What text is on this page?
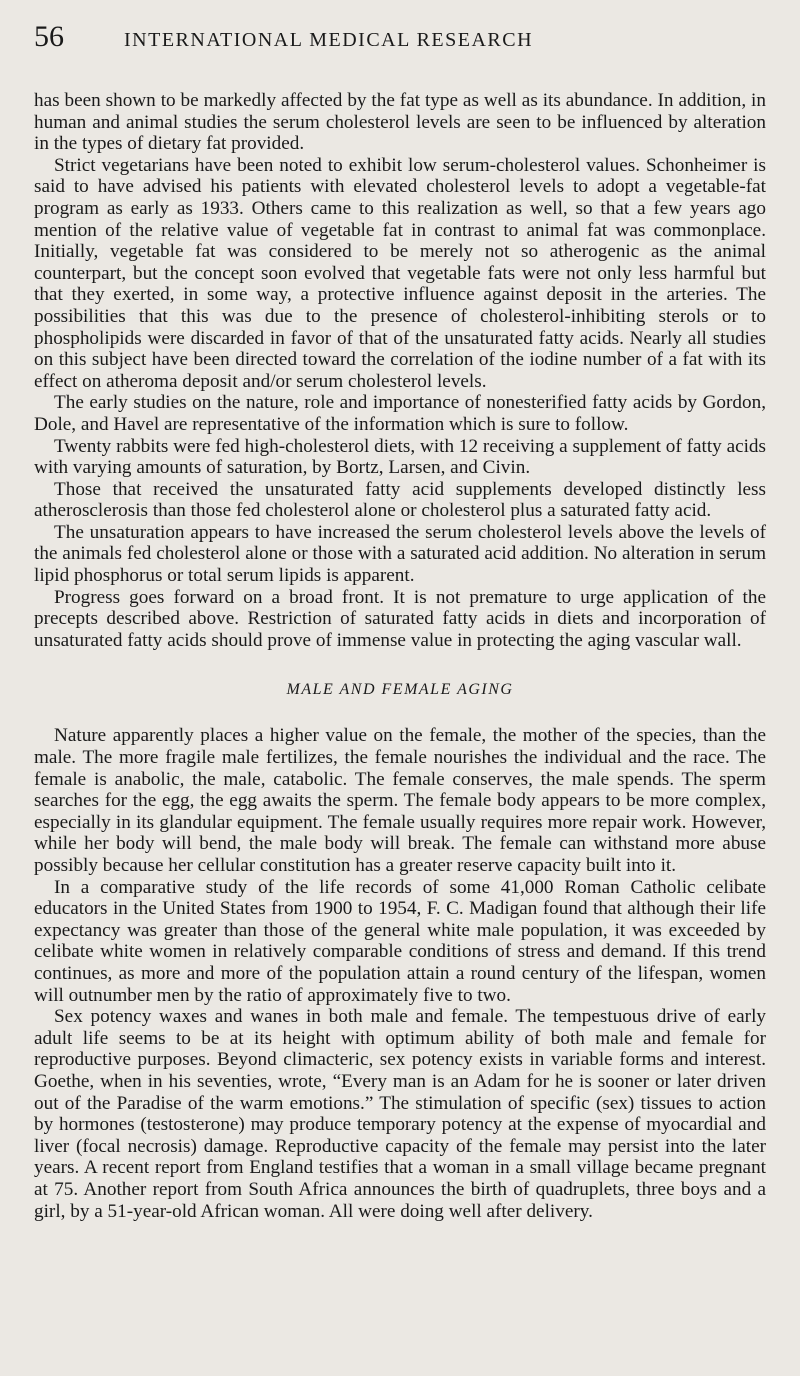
56	INTERNATIONAL MEDICAL RESEARCH

has been shown to be markedly affected by the fat type as well as its abundance. In addition, in human and animal studies the serum cholesterol levels are seen to be influenced by alteration in the types of dietary fat provided.

Strict vegetarians have been noted to exhibit low serum-cholesterol values. Schonheimer is said to have advised his patients with elevated cholesterol levels to adopt a vegetable-fat program as early as 1933. Others came to this realization as well, so that a few years ago mention of the relative value of vegetable fat in contrast to animal fat was commonplace. Initially, vegetable fat was considered to be merely not so atherogenic as the animal counterpart, but the concept soon evolved that vegetable fats were not only less harmful but that they exerted, in some way, a protective influence against deposit in the arteries. The possibilities that this was due to the presence of cholesterol-inhibiting sterols or to phospholipids were discarded in favor of that of the unsaturated fatty acids. Nearly all studies on this subject have been directed toward the correlation of the iodine number of a fat with its effect on atheroma deposit and/or serum cholesterol levels.

The early studies on the nature, role and importance of nonesterified fatty acids by Gordon, Dole, and Havel are representative of the information which is sure to follow.

Twenty rabbits were fed high-cholesterol diets, with 12 receiving a supplement of fatty acids with varying amounts of saturation, by Bortz, Larsen, and Civin.

Those that received the unsaturated fatty acid supplements developed distinctly less atherosclerosis than those fed cholesterol alone or cholesterol plus a saturated fatty acid.

The unsaturation appears to have increased the serum cholesterol levels above the levels of the animals fed cholesterol alone or those with a saturated acid addition. No alteration in serum lipid phosphorus or total serum lipids is apparent.

Progress goes forward on a broad front. It is not premature to urge application of the precepts described above. Restriction of saturated fatty acids in diets and incorporation of unsaturated fatty acids should prove of immense value in protecting the aging vascular wall.

MALE AND FEMALE AGING

Nature apparently places a higher value on the female, the mother of the species, than the male. The more fragile male fertilizes, the female nourishes the individual and the race. The female is anabolic, the male, catabolic. The female conserves, the male spends. The sperm searches for the egg, the egg awaits the sperm. The female body appears to be more complex, especially in its glandular equipment. The female usually requires more repair work. However, while her body will bend, the male body will break. The female can withstand more abuse possibly because her cellular constitution has a greater reserve capacity built into it.

In a comparative study of the life records of some 41,000 Roman Catholic celibate educators in the United States from 1900 to 1954, F. C. Madigan found that although their life expectancy was greater than those of the general white male population, it was exceeded by celibate white women in relatively comparable conditions of stress and demand. If this trend continues, as more and more of the population attain a round century of the lifespan, women will outnumber men by the ratio of approximately five to two.

Sex potency waxes and wanes in both male and female. The tempestuous drive of early adult life seems to be at its height with optimum ability of both male and female for reproductive purposes. Beyond climacteric, sex potency exists in variable forms and interest. Goethe, when in his seventies, wrote, “Every man is an Adam for he is sooner or later driven out of the Paradise of the warm emotions.” The stimulation of specific (sex) tissues to action by hormones (testosterone) may produce temporary potency at the expense of myocardial and liver (focal necrosis) damage. Reproductive capacity of the female may persist into the later years. A recent report from England testifies that a woman in a small village became pregnant at 75. Another report from South Africa announces the birth of quadruplets, three boys and a girl, by a 51-year-old African woman. All were doing well after delivery.
